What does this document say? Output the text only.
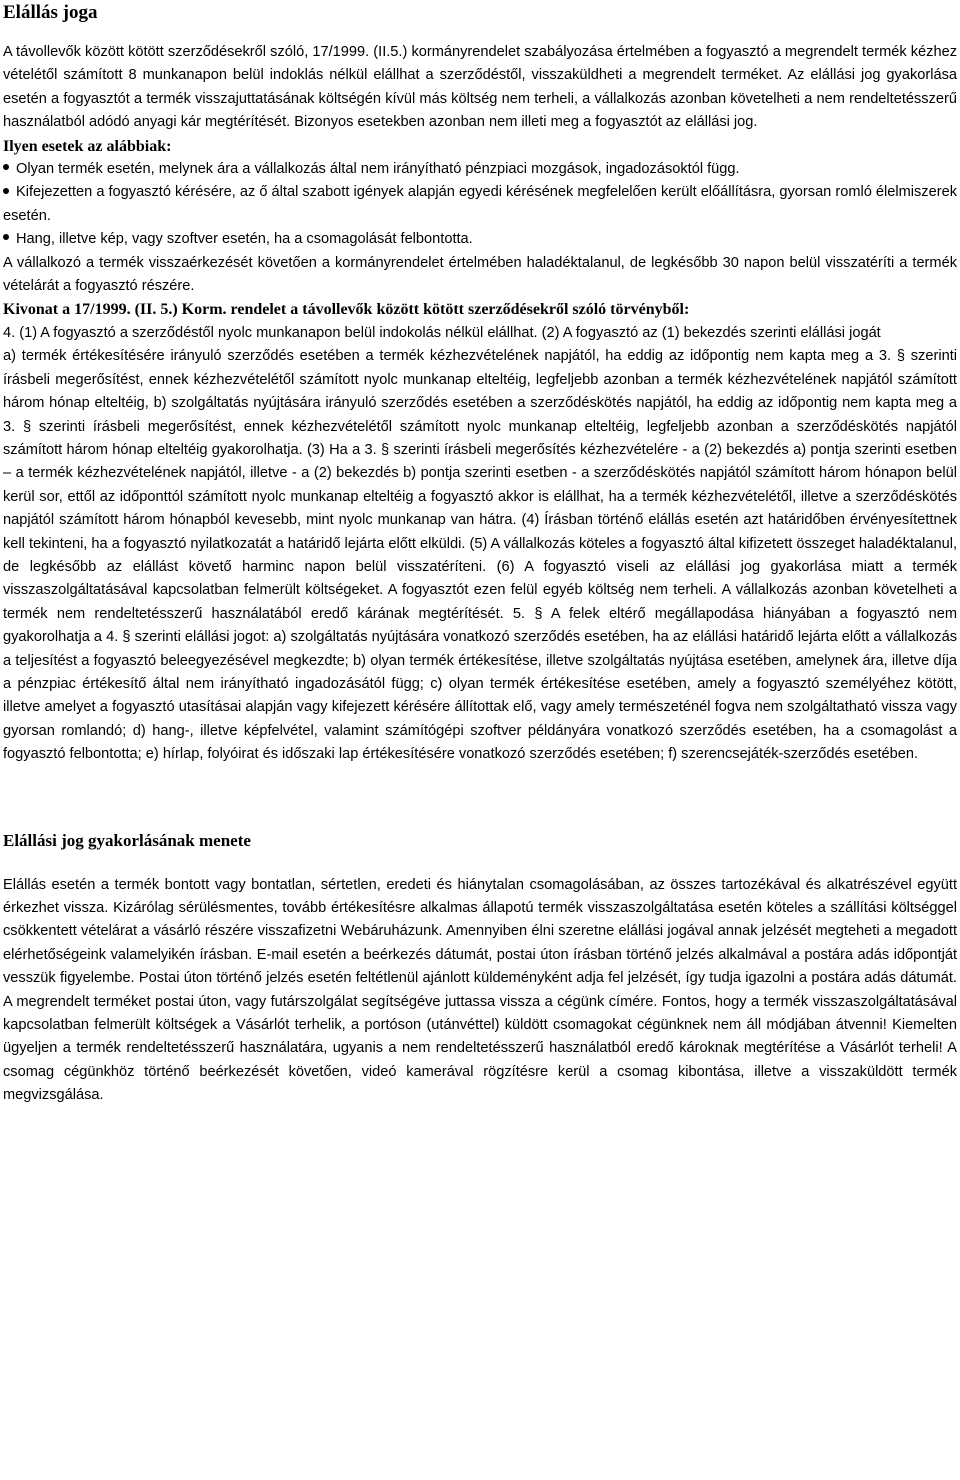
Elállás joga

A távollevők között kötött szerződésekről szóló, 17/1999. (II.5.) kormányrendelet szabályozása értelmében a fogyasztó a megrendelt termék kézhez vételétől számított 8 munkanapon belül indoklás nélkül elállhat a szerződéstől, visszaküldheti a megrendelt terméket. Az elállási jog gyakorlása esetén a fogyasztót a termék visszajuttatásának költségén kívül más költség nem terheli, a vállalkozás azonban követelheti a nem rendeltetésszerű használatból adódó anyagi kár megtérítését. Bizonyos esetekben azonban nem illeti meg a fogyasztót az elállási jog.

Ilyen esetek az alábbiak:
Olyan termék esetén, melynek ára a vállalkozás által nem irányítható pénzpiaci mozgások, ingadozásoktól függ.
Kifejezetten a fogyasztó kérésére, az ő által szabott igények alapján egyedi kérésének megfelelően került előállításra, gyorsan romló élelmiszerek esetén.
Hang, illetve kép, vagy szoftver esetén, ha a csomagolását felbontotta.

A vállalkozó a termék visszaérkezését követően a kormányrendelet értelmében haladéktalanul, de legkésőbb 30 napon belül visszatéríti a termék vételárát a fogyasztó részére.

Kivonat a 17/1999. (II. 5.) Korm. rendelet a távollevők között kötött szerződésekről szóló törvényből:

4. (1) A fogyasztó a szerződéstől nyolc munkanapon belül indokolás nélkül elállhat. (2) A fogyasztó az (1) bekezdés szerinti elállási jogát

a) termék értékesítésére irányuló szerződés esetében a termék kézhezvételének napjától, ha eddig az időpontig nem kapta meg a 3. § szerinti írásbeli megerősítést, ennek kézhezvételétől számított nyolc munkanap elteltéig, legfeljebb azonban a termék kézhezvételének napjától számított három hónap elteltéig, b) szolgáltatás nyújtására irányuló szerződés esetében a szerződéskötés napjától, ha eddig az időpontig nem kapta meg a 3. § szerinti írásbeli megerősítést, ennek kézhezvételétől számított nyolc munkanap elteltéig, legfeljebb azonban a szerződéskötés napjától számított három hónap elteltéig gyakorolhatja. (3) Ha a 3. § szerinti írásbeli megerősítés kézhezvételére - a (2) bekezdés a) pontja szerinti esetben – a termék kézhezvételének napjától, illetve - a (2) bekezdés b) pontja szerinti esetben - a szerződéskötés napjától számított három hónapon belül kerül sor, ettől az időponttól számított nyolc munkanap elteltéig a fogyasztó akkor is elállhat, ha a termék kézhezvételétől, illetve a szerződéskötés napjától számított három hónapból kevesebb, mint nyolc munkanap van hátra. (4) Írásban történő elállás esetén azt határidőben érvényesítettnek kell tekinteni, ha a fogyasztó nyilatkozatát a határidő lejárta előtt elküldi. (5) A vállalkozás köteles a fogyasztó által kifizetett összeget haladéktalanul, de legkésőbb az elállást követő harminc napon belül visszatéríteni. (6) A fogyasztó viseli az elállási jog gyakorlása miatt a termék visszaszolgáltatásával kapcsolatban felmerült költségeket. A fogyasztót ezen felül egyéb költség nem terheli. A vállalkozás azonban követelheti a termék nem rendeltetésszerű használatából eredő kárának megtérítését. 5. § A felek eltérő megállapodása hiányában a fogyasztó nem gyakorolhatja a 4. § szerinti elállási jogot: a) szolgáltatás nyújtására vonatkozó szerződés esetében, ha az elállási határidő lejárta előtt a vállalkozás a teljesítést a fogyasztó beleegyezésével megkezdte; b) olyan termék értékesítése, illetve szolgáltatás nyújtása esetében, amelynek ára, illetve díja a pénzpiac értékesítő által nem irányítható ingadozásától függ; c) olyan termék értékesítése esetében, amely a fogyasztó személyéhez kötött, illetve amelyet a fogyasztó utasításai alapján vagy kifejezett kérésére állítottak elő, vagy amely természeténél fogva nem szolgáltatható vissza vagy gyorsan romlandó; d) hang-, illetve képfelvétel, valamint számítógépi szoftver példányára vonatkozó szerződés esetében, ha a csomagolást a fogyasztó felbontotta; e) hírlap, folyóirat és időszaki lap értékesítésére vonatkozó szerződés esetében; f) szerencsejáték-szerződés esetében.

Elállási jog gyakorlásának menete

Elállás esetén a termék bontott vagy bontatlan, sértetlen, eredeti és hiánytalan csomagolásában, az összes tartozékával és alkatrészével együtt érkezhet vissza. Kizárólag sérülésmentes, tovább értékesítésre alkalmas állapotú termék visszaszolgáltatása esetén köteles a szállítási költséggel csökkentett vételárat a vásárló részére visszafizetni Webáruházunk. Amennyiben élni szeretne elállási jogával annak jelzését megteheti a megadott elérhetőségeink valamelyikén írásban. E-mail esetén a beérkezés dátumát, postai úton írásban történő jelzés alkalmával a postára adás időpontját vesszük figyelembe. Postai úton történő jelzés esetén feltétlenül ajánlott küldeményként adja fel jelzését, így tudja igazolni a postára adás dátumát. A megrendelt terméket postai úton, vagy futárszolgálat segítségéve juttassa vissza a cégünk címére. Fontos, hogy a termék visszaszolgáltatásával kapcsolatban felmerült költségek a Vásárlót terhelik, a portóson (utánvéttel) küldött csomagokat cégünknek nem áll módjában átvenni! Kiemelten ügyeljen a termék rendeltetésszerű használatára, ugyanis a nem rendeltetésszerű használatból eredő károknak megtérítése a Vásárlót terheli! A csomag cégünkhöz történő beérkezését követően, videó kamerával rögzítésre kerül a csomag kibontása, illetve a visszaküldött termék megvizsgálása.
